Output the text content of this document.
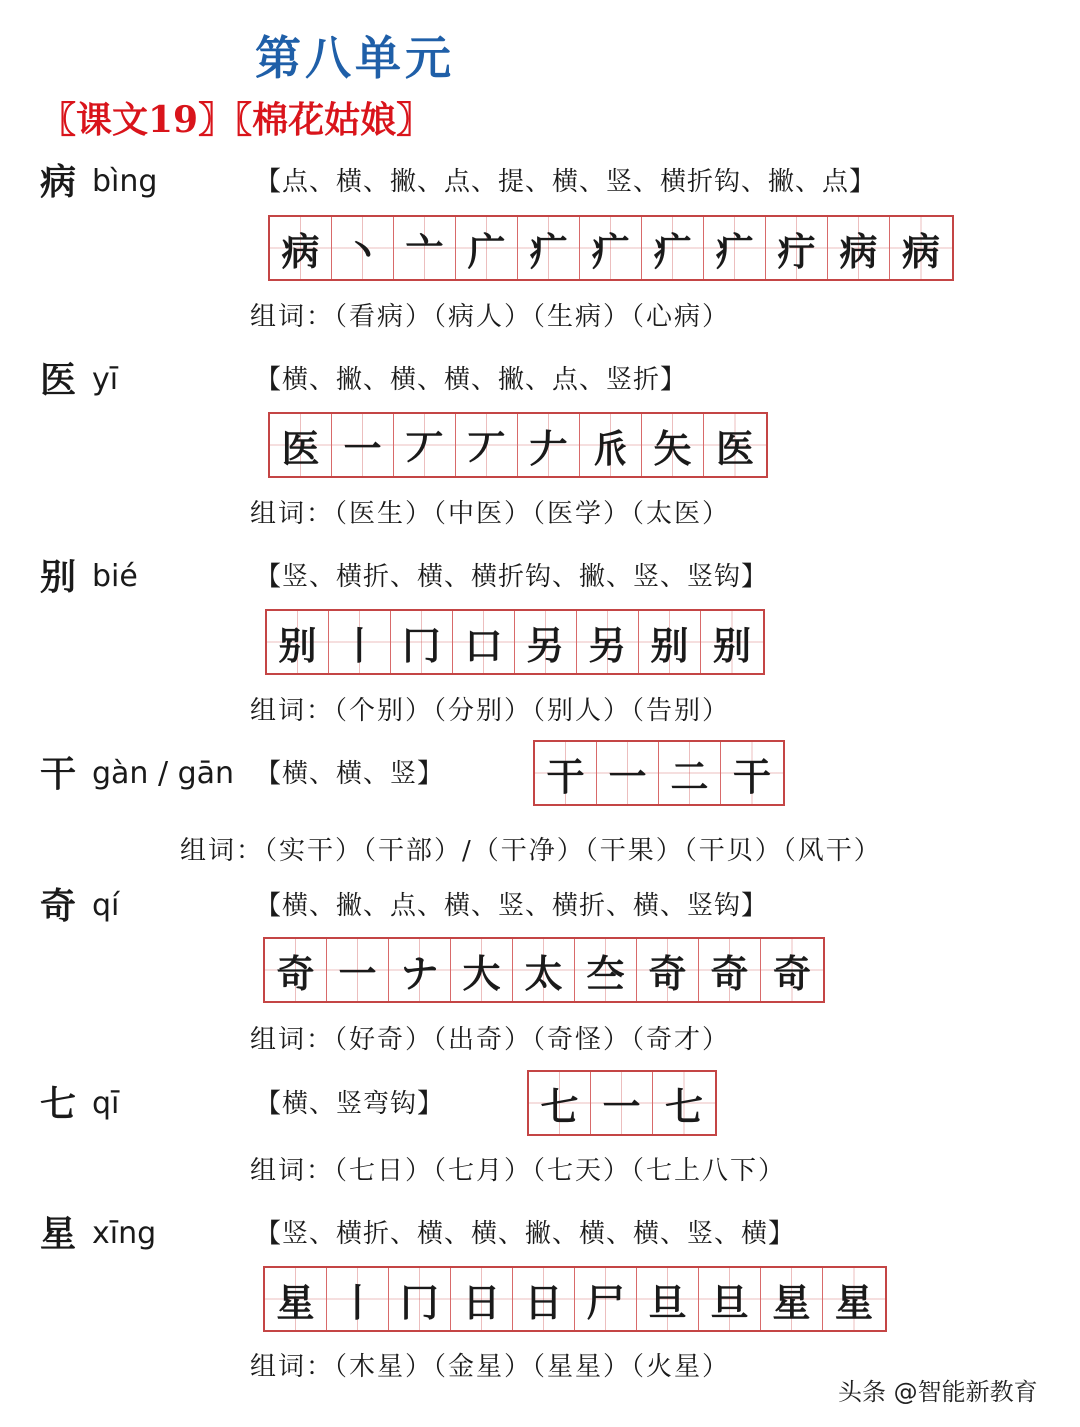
第八单元
〖课文19〗〖棉花姑娘〗
病 bìng	【点、横、撇、点、提、横、竖、横折钩、撇、点】
病 丶 亠 广 疒 疒 疒 疒 疔 病 病
组词：（看病）（病人）（生病）（心病）
医 yī	【横、撇、横、横、撇、点、竖折】
医 一 丆 丆 𠂇 𠂢 矢 医
组词：（医生）（中医）（医学）（太医）
别 bié	【竖、横折、横、横折钩、撇、竖、竖钩】
别 丨 冂 口 另 另 别 别
组词：（个别）（分别）（别人）（告别）
干 gàn / gān 【横、横、竖】	干 一 二 干
组词：（实干）（干部）/（干净）（干果）（干贝）（风干）
奇 qí	【横、撇、点、横、竖、横折、横、竖钩】
奇 一 ナ 大 太 夳 奇 奇 奇
组词：（好奇）（出奇）（奇怪）（奇才）
七 qī	【横、竖弯钩】	七 一 七
组词：（七日）（七月）（七天）（七上八下）
星 xīng	【竖、横折、横、横、撇、横、横、竖、横】
星 丨 冂 日 日 尸 旦 旦 星 星
组词：（木星）（金星）（星星）（火星）
头条 @智能新教育
